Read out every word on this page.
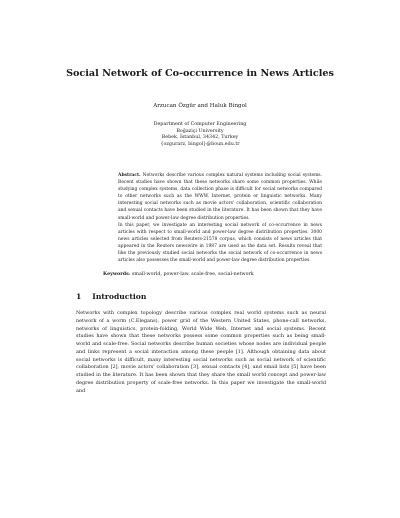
Social Network of Co-occurrence in News Articles
Arzucan Özgür and Haluk Bingol
Department of Computer Engineering
Boğaziçi University
Bebek, İstanbul, 34342, Turkey
{ozgurarz, bingol}@boun.edu.tr

Abstract. Networks describe various complex natural systems including social systems. Recent studies have shown that these networks share some common properties. While studying complex systems, data collection phase is difficult for social networks compared to other networks such as the WWW, Internet, protein or linguistic networks. Many interesting social networks such as movie actors' collaboration, scientific collaboration and sexual contacts have been studied in the literature. It has been shown that they have small-world and power-law degree distribution properties.

In this paper, we investigate an interesting social network of co-occurrence in news articles with respect to small-world and power-law degree distribution properties. 3000 news articles selected from Reuters-21578 corpus, which consists of news articles that appeared in the Reuters newswire in 1987 are used as the data set. Results reveal that like the previously studied social networks the social network of co-occurrence in news articles also possesses the small-world and power-law degree distribution properties.

Keywords: small-world, power-law, scale-free, social-network
1 Introduction

Networks with complex topology describe various complex real world systems such as neural network of a worm (C.Elegans), power grid of the Western United States, phone-call networks, networks of linguistics, protein-folding, World Wide Web, Internet and social systems. Recent studies have shown that these networks possess some common properties such as being small-world and scale-free. Social networks describe human societies whose nodes are individual people and links represent a social interaction among these people [1]. Although obtaining data about social networks is difficult, many interesting social networks such as social network of scientific collaboration [2], movie actors' collaboration [3], sexual contacts [4], and email lists [5] have been studied in the literature. It has been shown that they share the small world concept and power-law degree distribution property of scale-free networks. In this paper we investigate the small-world and
